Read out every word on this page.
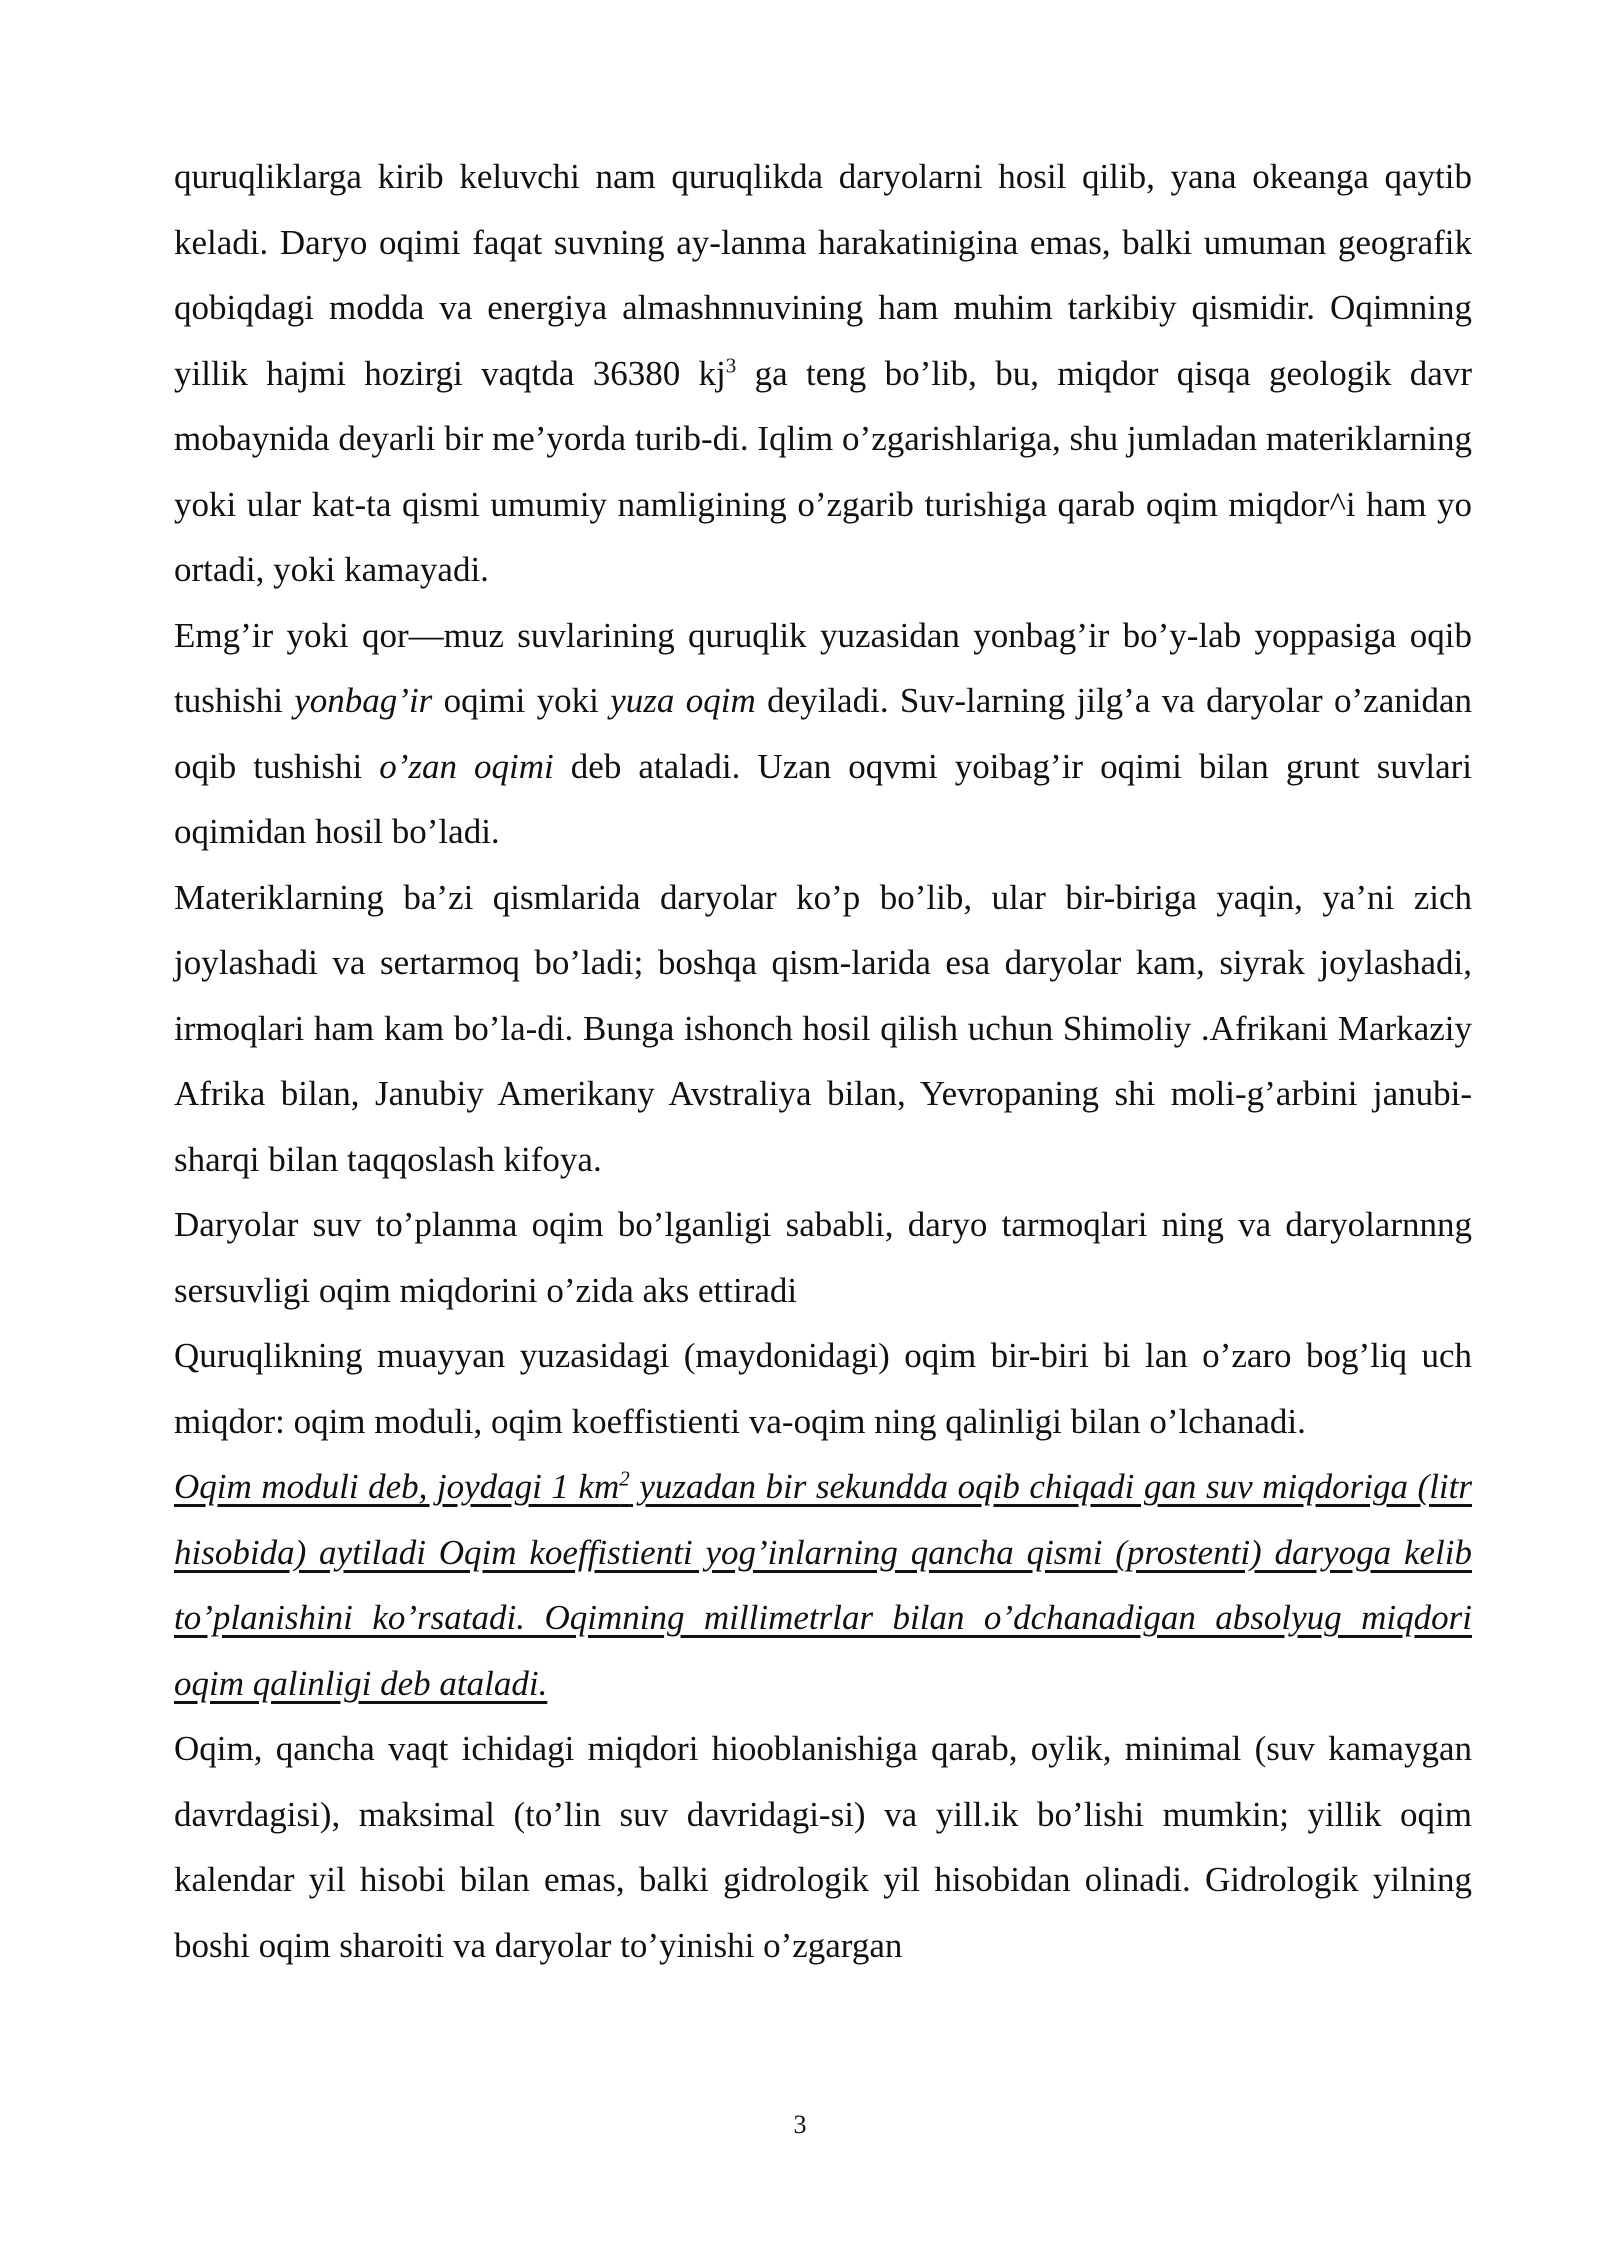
quruqliklarga kirib keluvchi nam quruqlikda daryolarni hosil qilib, yana okeanga qaytib keladi. Daryo oqimi faqat suvning ay-lanma harakatinigina emas, balki umuman geografik qobiqdagi modda va energiya almashnnuvining ham muhim tarkibiy qismidir. Oqimning yillik hajmi hozirgi vaqtda 36380 $kj^3$ ga teng bo’lib, bu, miqdor qisqa geologik davr mobaynida deyarli bir me’yorda turib-di. Iqlim o’zgarishlariga, shu jumladan materiklarning yoki ular kat-ta qismi umumiy namligining o’zgarib turishiga qarab oqim miqdor^i ham yo ortadi, yoki kamayadi.

Emg’ir yoki qor—muz suvlarining quruqlik yuzasidan yonbag’ir bo’y-lab yoppasiga oqib tushishi yonbag’ir oqimi yoki yuza oqim deyiladi. Suv-larning jilg’a va daryolar o’zanidan oqib tushishi o’zan oqimi deb ataladi. Uzan oqvmi yoibag’ir oqimi bilan grunt suvlari oqimidan hosil bo’ladi.

Materiklarning ba’zi qismlarida daryolar ko’p bo’lib, ular bir-biriga yaqin, ya’ni zich joylashadi va sertarmoq bo’ladi; boshqa qism-larida esa daryolar kam, siyrak joylashadi, irmoqlari ham kam bo’la-di. Bunga ishonch hosil qilish uchun Shimoliy .Afrikani Markaziy Afrika bilan, Janubiy Amerikany Avstraliya bilan, Yevropaning shi moli-g’arbini janubi-sharqi bilan taqqoslash kifoya.

Daryolar suv to’planma oqim bo’lganligi sababli, daryo tarmoqlari ning va daryolarnnng sersuvligi oqim miqdorini o’zida aks ettiradi

Quruqlikning muayyan yuzasidagi (maydonidagi) oqim bir-biri bi lan o’zaro bog’liq uch miqdor: oqim moduli, oqim koeffistienti va-oqim ning qalinligi bilan o’lchanadi.

Oqim moduli deb, joydagi 1 $km^2$ yuzadan bir sekundda oqib chiqadi gan suv miqdoriga (litr hisobida) aytiladi Oqim koeffistienti yog’inlarning qancha qismi (prostenti) daryoga kelib to’planishini ko’rsatadi. Oqimning millimetrlar bilan o’dchanadigan absolyug miqdori oqim qalinligi deb ataladi.

Oqim, qancha vaqt ichidagi miqdori hiooblanishiga qarab, oylik, minimal (suv kamaygan davrdagisi), maksimal (to’lin suv davridagi-si) va yill.ik bo’lishi mumkin; yillik oqim kalendar yil hisobi bilan emas, balki gidrologik yil hisobidan olinadi. Gidrologik yilning boshi oqim sharoiti va daryolar to’yinishi o’zgargan

3
